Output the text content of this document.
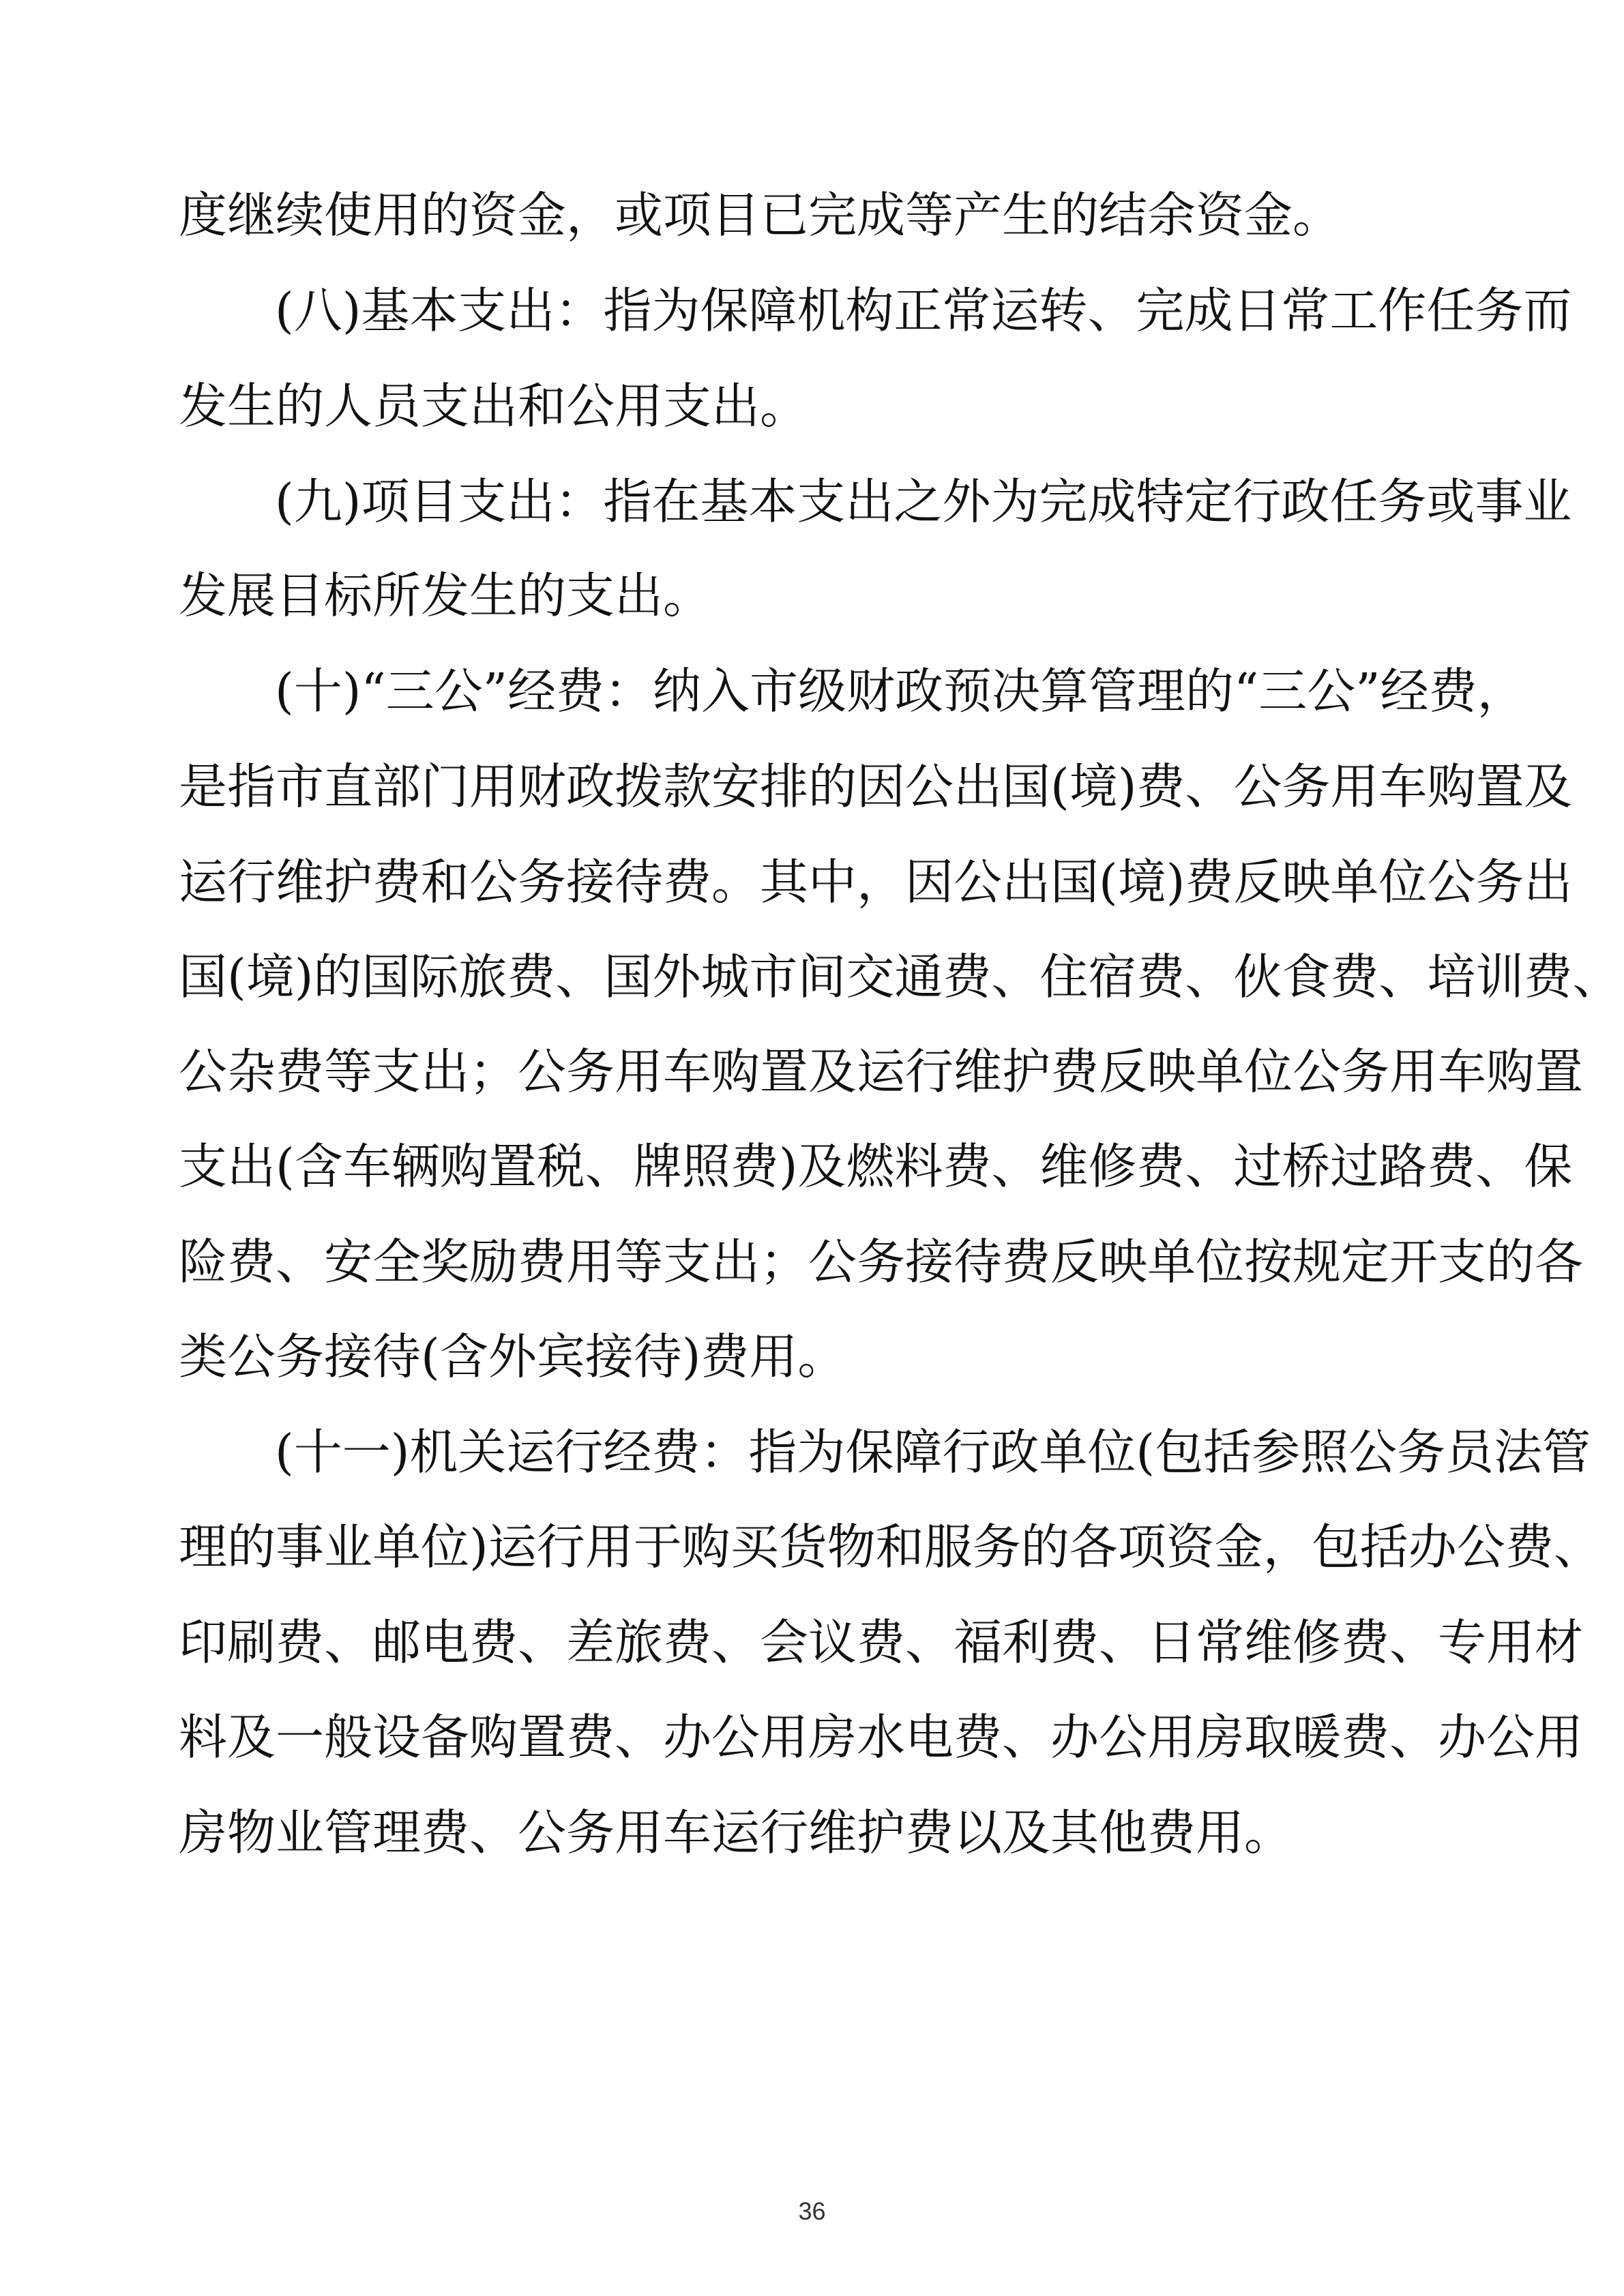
度继续使用的资金，或项目已完成等产生的结余资金。
(八)基本支出：指为保障机构正常运转、完成日常工作任务而
发生的人员支出和公用支出。
(九)项目支出：指在基本支出之外为完成特定行政任务或事业
发展目标所发生的支出。
(十)“三公”经费：纳入市级财政预决算管理的“三公”经费，
是指市直部门用财政拨款安排的因公出国(境)费、公务用车购置及
运行维护费和公务接待费。其中，因公出国(境)费反映单位公务出
国(境)的国际旅费、国外城市间交通费、住宿费、伙食费、培训费、
公杂费等支出；公务用车购置及运行维护费反映单位公务用车购置
支出(含车辆购置税、牌照费)及燃料费、维修费、过桥过路费、保
险费、安全奖励费用等支出；公务接待费反映单位按规定开支的各
类公务接待(含外宾接待)费用。
(十一)机关运行经费：指为保障行政单位(包括参照公务员法管
理的事业单位)运行用于购买货物和服务的各项资金，包括办公费、
印刷费、邮电费、差旅费、会议费、福利费、日常维修费、专用材
料及一般设备购置费、办公用房水电费、办公用房取暖费、办公用
房物业管理费、公务用车运行维护费以及其他费用。
36
